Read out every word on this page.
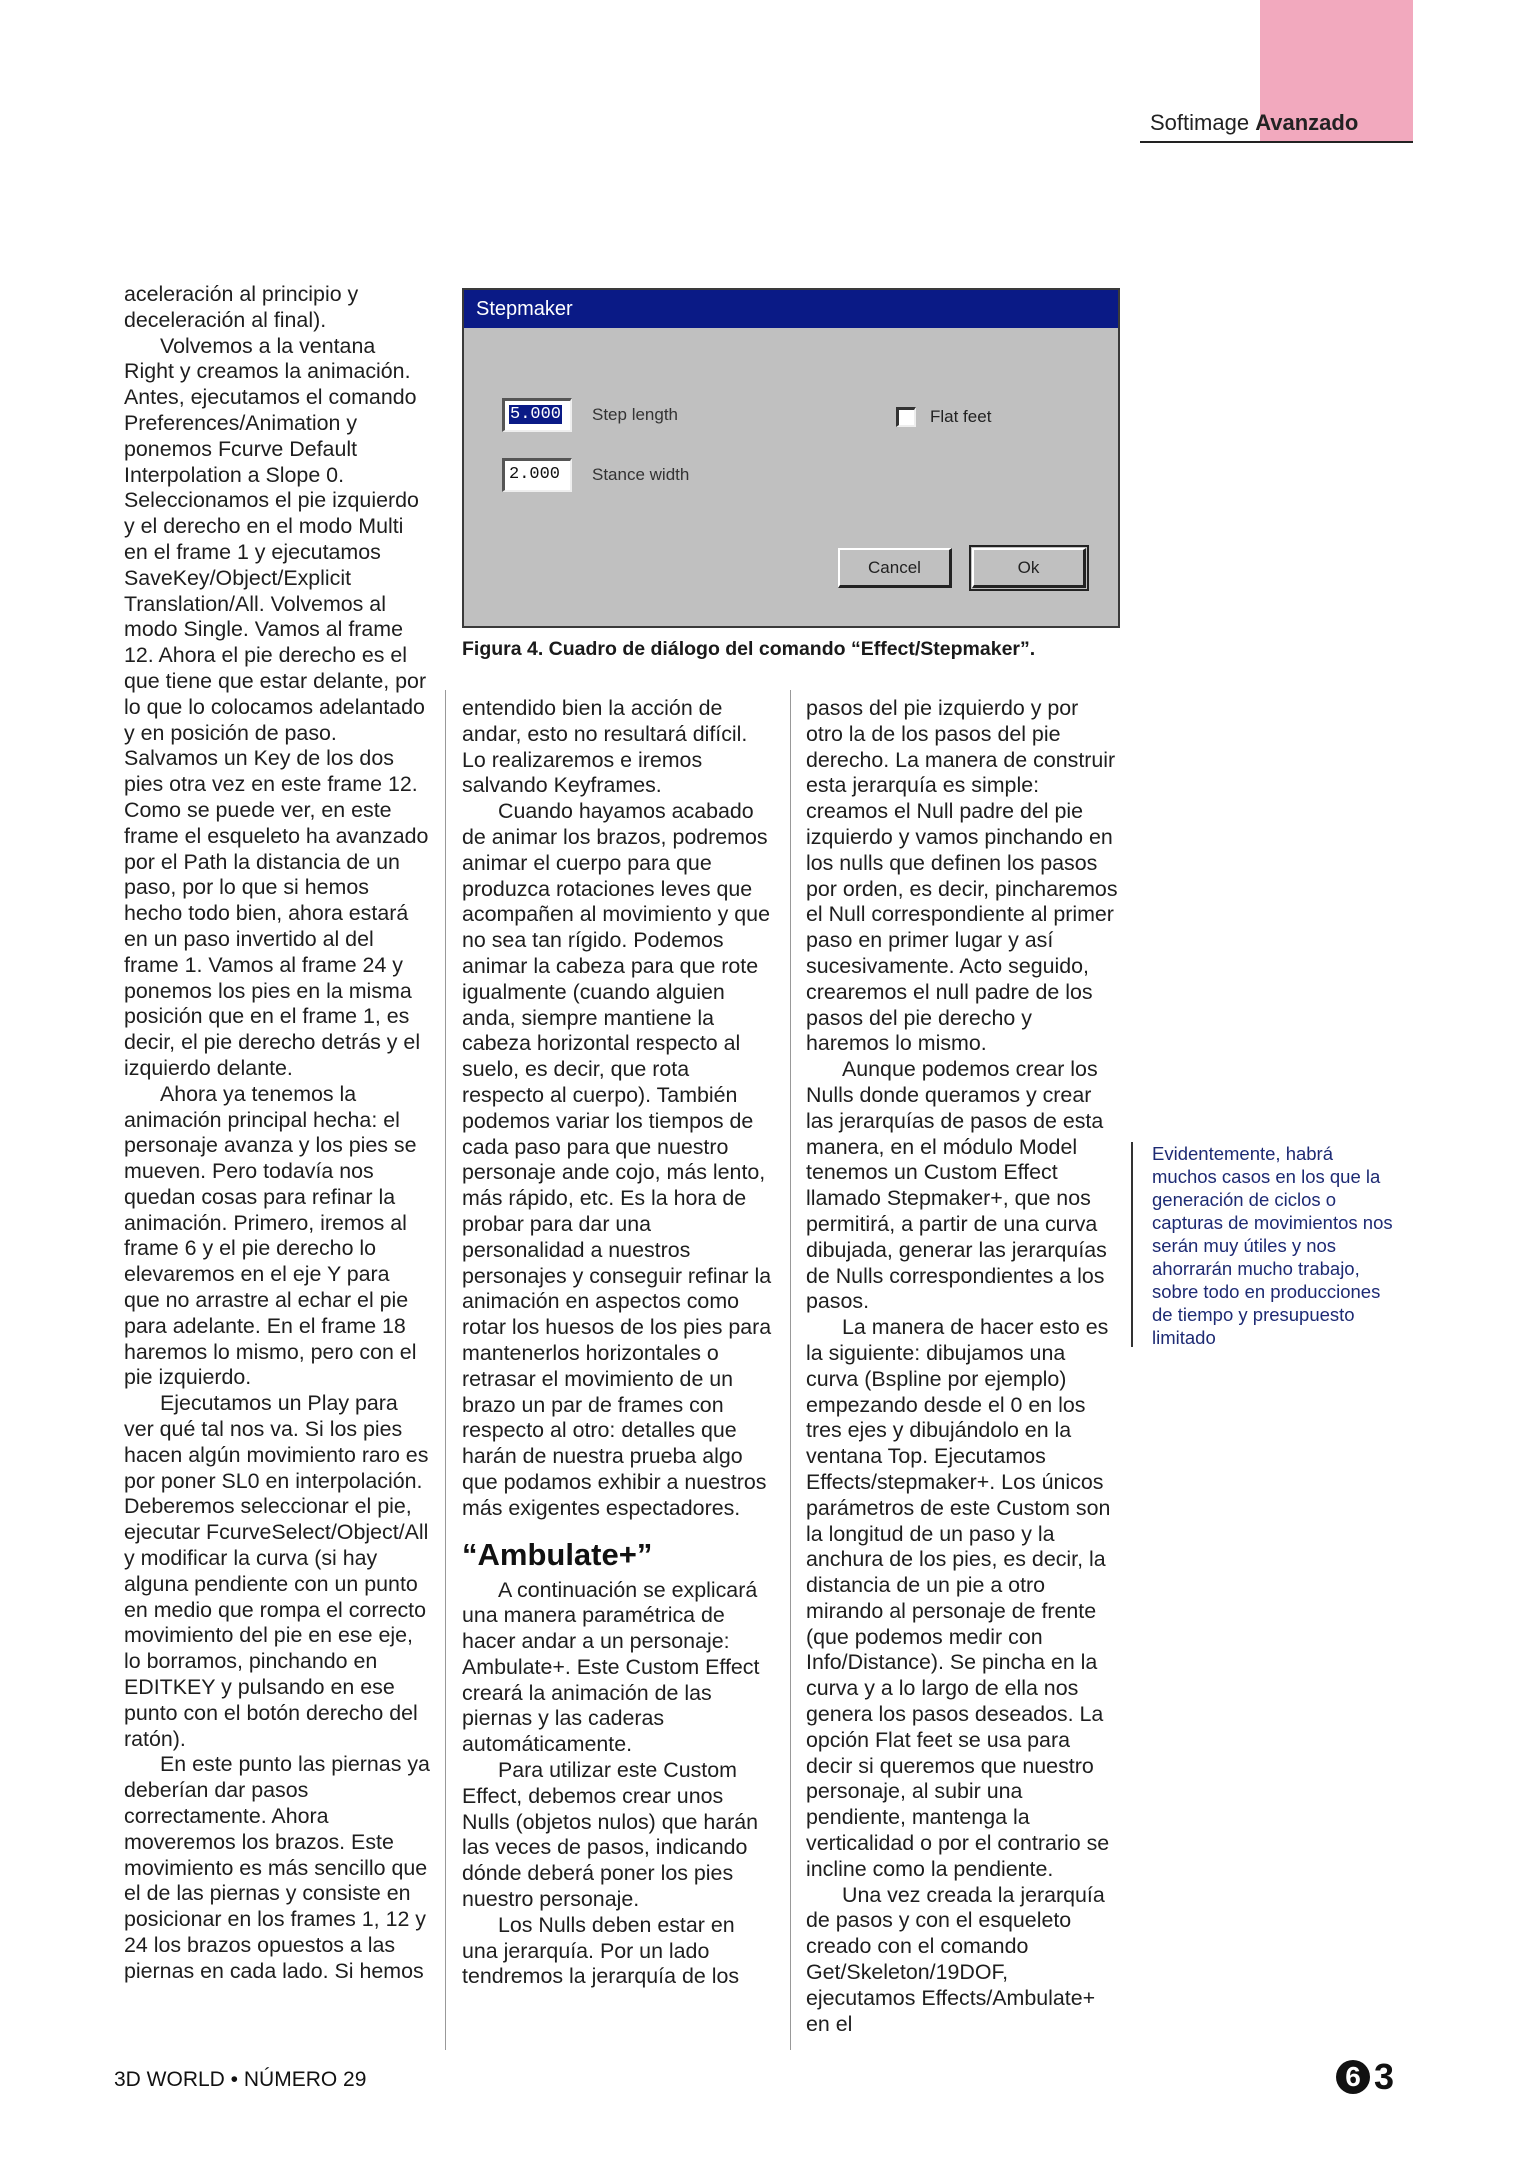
Softimage Avanzado

aceleración al principio y deceleración al final).

Volvemos a la ventana Right y creamos la animación. Antes, ejecutamos el comando Preferences/Animation y ponemos Fcurve Default Interpolation a Slope 0. Seleccionamos el pie izquierdo y el derecho en el modo Multi en el frame 1 y ejecutamos SaveKey/Object/Explicit Translation/All. Volvemos al modo Single. Vamos al frame 12. Ahora el pie derecho es el que tiene que estar delante, por lo que lo colocamos adelantado y en posición de paso. Salvamos un Key de los dos pies otra vez en este frame 12. Como se puede ver, en este frame el esqueleto ha avanzado por el Path la distancia de un paso, por lo que si hemos hecho todo bien, ahora estará en un paso invertido al del frame 1. Vamos al frame 24 y ponemos los pies en la misma posición que en el frame 1, es decir, el pie derecho detrás y el izquierdo delante.

Ahora ya tenemos la animación principal hecha: el personaje avanza y los pies se mueven. Pero todavía nos quedan cosas para refinar la animación. Primero, iremos al frame 6 y el pie derecho lo elevaremos en el eje Y para que no arrastre al echar el pie para adelante. En el frame 18 haremos lo mismo, pero con el pie izquierdo.

Ejecutamos un Play para ver qué tal nos va. Si los pies hacen algún movimiento raro es por poner SL0 en interpolación. Deberemos seleccionar el pie, ejecutar FcurveSelect/Object/All y modificar la curva (si hay alguna pendiente con un punto en medio que rompa el correcto movimiento del pie en ese eje, lo borramos, pinchando en EDITKEY y pulsando en ese punto con el botón derecho del ratón).

En este punto las piernas ya deberían dar pasos correctamente. Ahora moveremos los brazos. Este movimiento es más sencillo que el de las piernas y consiste en posicionar en los frames 1, 12 y 24 los brazos opuestos a las piernas en cada lado. Si hemos

Stepmaker
5.000	Step length
2.000	Stance width
Flat feet
Cancel	Ok
Figura 4. Cuadro de diálogo del comando “Effect/Stepmaker”.

entendido bien la acción de andar, esto no resultará difícil. Lo realizaremos e iremos salvando Keyframes.

Cuando hayamos acabado de animar los brazos, podremos animar el cuerpo para que produzca rotaciones leves que acompañen al movimiento y que no sea tan rígido. Podemos animar la cabeza para que rote igualmente (cuando alguien anda, siempre mantiene la cabeza horizontal respecto al suelo, es decir, que rota respecto al cuerpo). También podemos variar los tiempos de cada paso para que nuestro personaje ande cojo, más lento, más rápido, etc. Es la hora de probar para dar una personalidad a nuestros personajes y conseguir refinar la animación en aspectos como rotar los huesos de los pies para mantenerlos horizontales o retrasar el movimiento de un brazo un par de frames con respecto al otro: detalles que harán de nuestra prueba algo que podamos exhibir a nuestros más exigentes espectadores.

“Ambulate+”

A continuación se explicará una manera paramétrica de hacer andar a un personaje: Ambulate+. Este Custom Effect creará la animación de las piernas y las caderas automáticamente.

Para utilizar este Custom Effect, debemos crear unos Nulls (objetos nulos) que harán las veces de pasos, indicando dónde deberá poner los pies nuestro personaje.

Los Nulls deben estar en una jerarquía. Por un lado tendremos la jerarquía de los

pasos del pie izquierdo y por otro la de los pasos del pie derecho. La manera de construir esta jerarquía es simple: creamos el Null padre del pie izquierdo y vamos pinchando en los nulls que definen los pasos por orden, es decir, pincharemos el Null correspondiente al primer paso en primer lugar y así sucesivamente. Acto seguido, crearemos el null padre de los pasos del pie derecho y haremos lo mismo.

Aunque podemos crear los Nulls donde queramos y crear las jerarquías de pasos de esta manera, en el módulo Model tenemos un Custom Effect llamado Stepmaker+, que nos permitirá, a partir de una curva dibujada, generar las jerarquías de Nulls correspondientes a los pasos.

La manera de hacer esto es la siguiente: dibujamos una curva (Bspline por ejemplo) empezando desde el 0 en los tres ejes y dibujándolo en la ventana Top. Ejecutamos Effects/stepmaker+. Los únicos parámetros de este Custom son la longitud de un paso y la anchura de los pies, es decir, la distancia de un pie a otro mirando al personaje de frente (que podemos medir con Info/Distance). Se pincha en la curva y a lo largo de ella nos genera los pasos deseados. La opción Flat feet se usa para decir si queremos que nuestro personaje, al subir una pendiente, mantenga la verticalidad o por el contrario se incline como la pendiente.

Una vez creada la jerarquía de pasos y con el esqueleto creado con el comando Get/Skeleton/19DOF, ejecutamos Effects/Ambulate+ en el

Evidentemente, habrá muchos casos en los que la generación de ciclos o capturas de movimientos nos serán muy útiles y nos ahorrarán mucho trabajo, sobre todo en producciones de tiempo y presupuesto limitado
3D WORLD • NÚMERO 29	6 3
